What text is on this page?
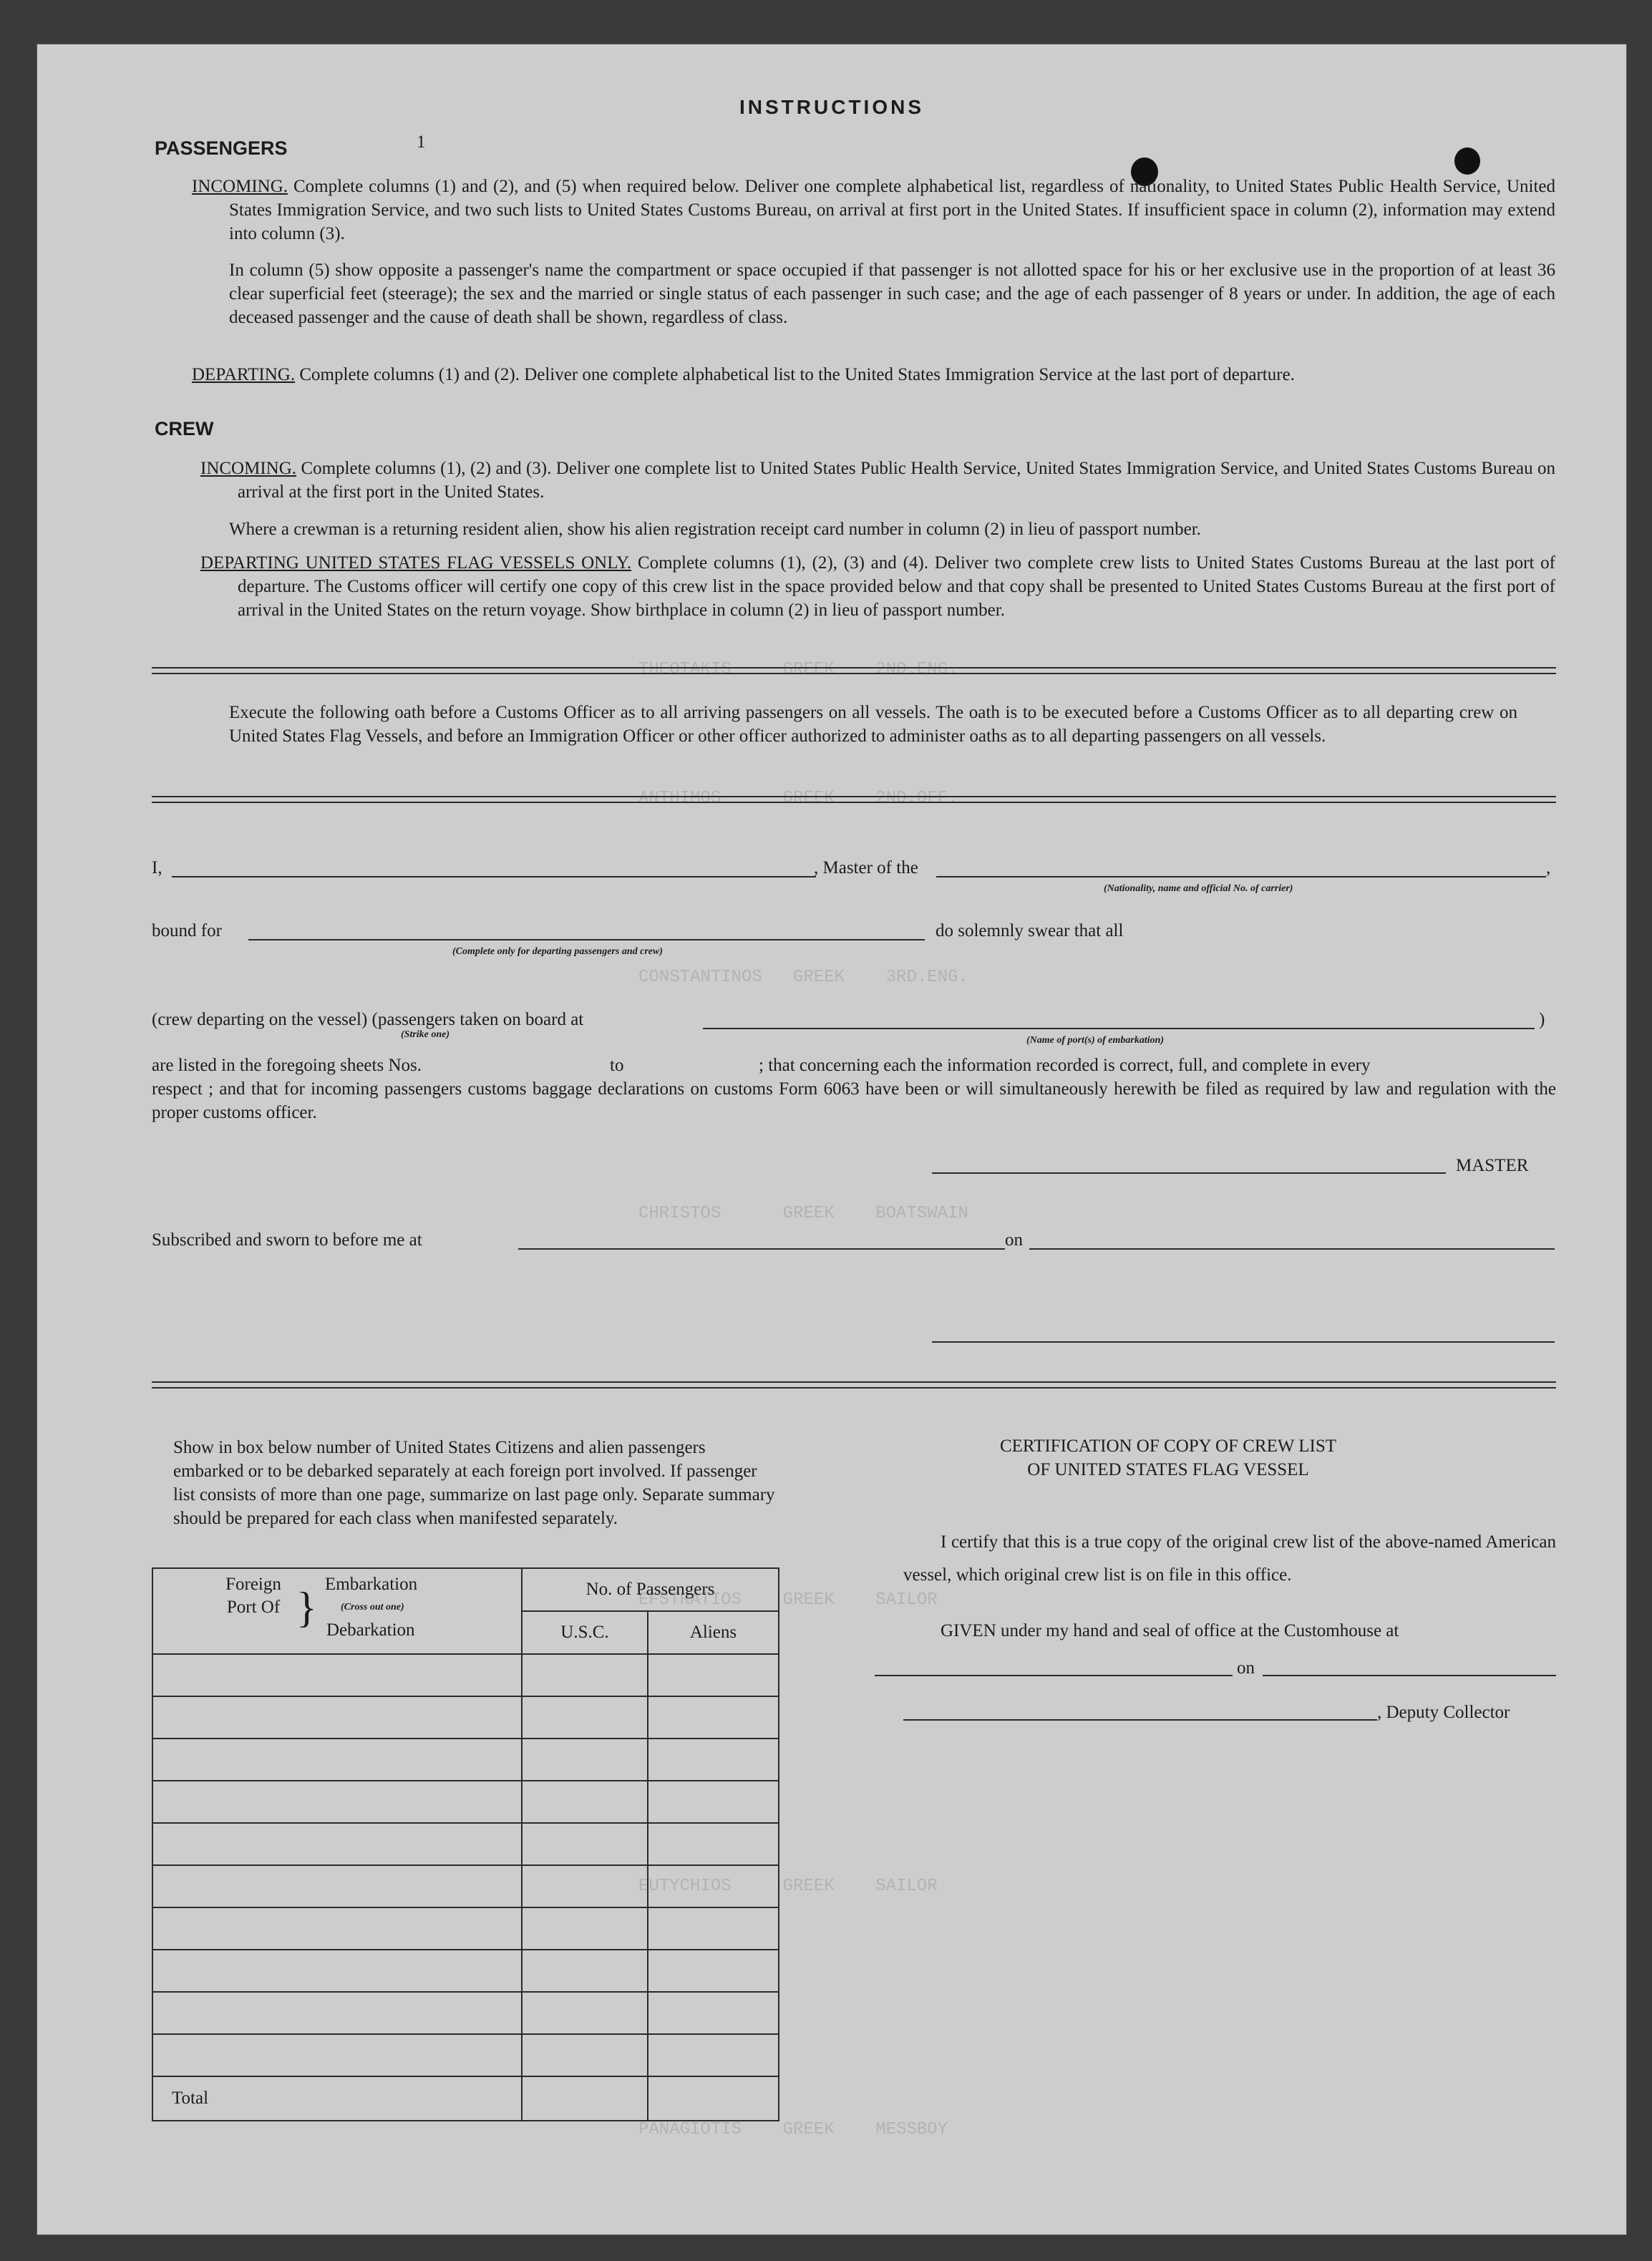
THEOTAKIS     GREEK    2ND.ENG.
ANTHIMOS      GREEK    2ND.OFF.
CONSTANTINOS   GREEK    3RD.ENG.
CHRISTOS      GREEK    BOATSWAIN
EFSTRATIOS    GREEK    SAILOR
EUTYCHIOS     GREEK    SAILOR
PANAGIOTIS    GREEK    MESSBOY
INSTRUCTIONS
1
PASSENGERS
INCOMING. Complete columns (1) and (2), and (5) when required below. Deliver one complete alphabetical list, regardless of nationality, to United States Public Health Service, United States Immigration Service, and two such lists to United States Customs Bureau, on arrival at first port in the United States. If insufficient space in column (2), information may extend into column (3).
In column (5) show opposite a passenger's name the compartment or space occupied if that passenger is not allotted space for his or her exclusive use in the proportion of at least 36 clear superficial feet (steerage); the sex and the married or single status of each passenger in such case; and the age of each passenger of 8 years or under. In addition, the age of each deceased passenger and the cause of death shall be shown, regardless of class.
DEPARTING. Complete columns (1) and (2). Deliver one complete alphabetical list to the United States Immigration Service at the last port of departure.
CREW
INCOMING. Complete columns (1), (2) and (3). Deliver one complete list to United States Public Health Service, United States Immigration Service, and United States Customs Bureau on arrival at the first port in the United States.
Where a crewman is a returning resident alien, show his alien registration receipt card number in column (2) in lieu of passport number.
DEPARTING UNITED STATES FLAG VESSELS ONLY. Complete columns (1), (2), (3) and (4). Deliver two complete crew lists to United States Customs Bureau at the last port of departure. The Customs officer will certify one copy of this crew list in the space provided below and that copy shall be presented to United States Customs Bureau at the first port of arrival in the United States on the return voyage. Show birthplace in column (2) in lieu of passport number.
Execute the following oath before a Customs Officer as to all arriving passengers on all vessels. The oath is to be executed before a Customs Officer as to all departing crew on United States Flag Vessels, and before an Immigration Officer or other officer authorized to administer oaths as to all departing passengers on all vessels.
I,	, Master of the	,
(Nationality, name and official No. of carrier)
bound for
(Complete only for departing passengers and crew)
do solemnly swear that all
(crew departing on the vessel) (passengers taken on board at
(Strike one)
(Name of port(s) of embarkation)
)
are listed in the foregoing sheets Nos.	to	; that concerning each the information recorded is correct, full, and complete in every
respect ; and that for incoming passengers customs baggage declarations on customs Form 6063 have been or will simultaneously herewith be filed as required by law and regulation with the proper customs officer.
MASTER
Subscribed and sworn to before me at	on
Show in box below number of United States Citizens and alien passengers embarked or to be debarked separately at each foreign port involved. If passenger list consists of more than one page, summarize on last page only. Separate summary should be prepared for each class when manifested separately.
Foreign Port Of } Embarkation
(Cross out one)
Debarkation	No. of Passengers	
	U.S.C.	Aliens

Total		
CERTIFICATION OF COPY OF CREW LIST
OF UNITED STATES FLAG VESSEL
I certify that this is a true copy of the original crew list of the above-named American vessel, which original crew list is on file in this office.
GIVEN under my hand and seal of office at the Customhouse at
on
, Deputy Collector
